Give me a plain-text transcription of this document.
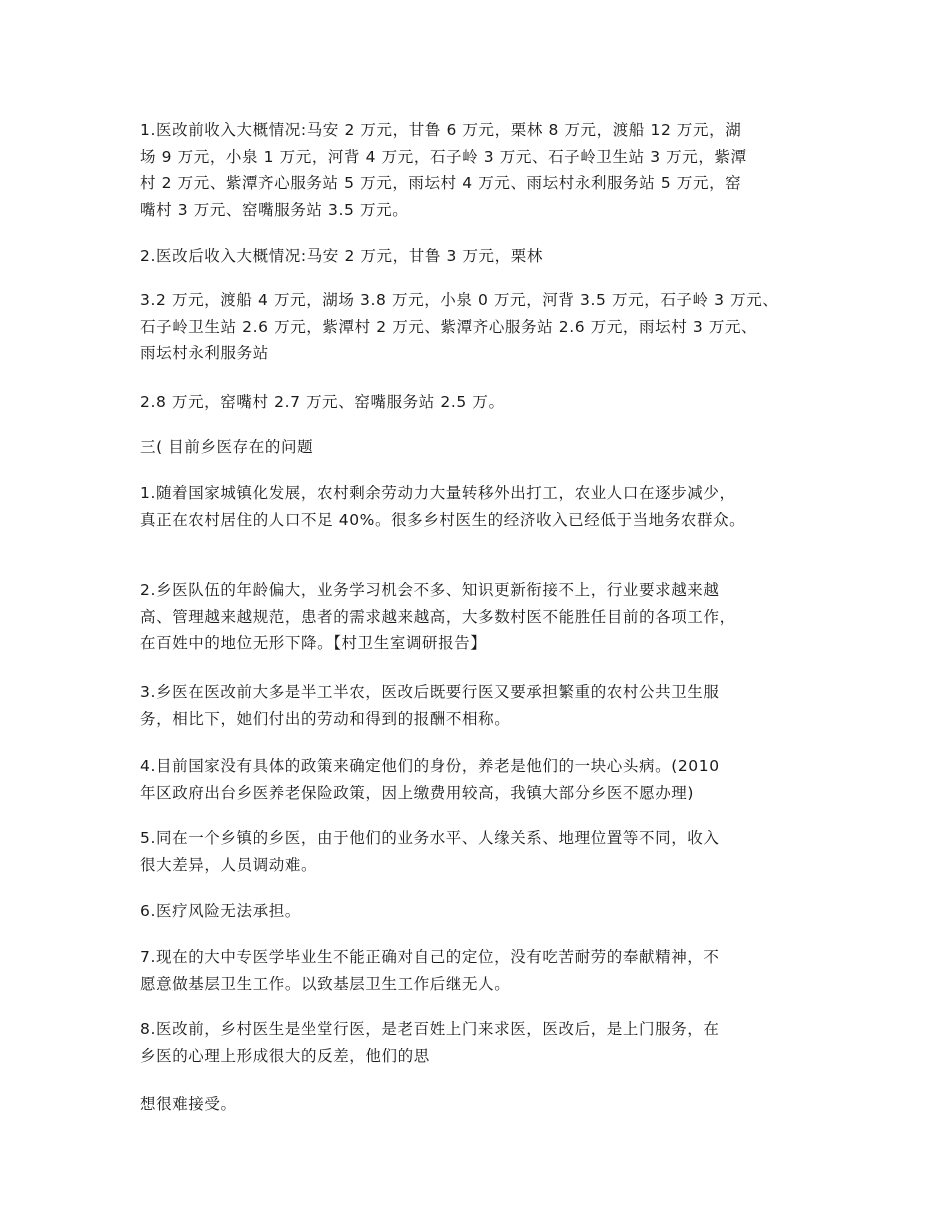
1.医改前收入大概情况:马安 2 万元，甘鲁 6 万元，栗林 8 万元，渡船 12 万元，湖
场 9 万元，小泉 1 万元，河背 4 万元，石子岭 3 万元、石子岭卫生站 3 万元，紫潭
村 2 万元、紫潭齐心服务站 5 万元，雨坛村 4 万元、雨坛村永利服务站 5 万元，窑
嘴村 3 万元、窑嘴服务站 3.5 万元。

2.医改后收入大概情况:马安 2 万元，甘鲁 3 万元，栗林

3.2 万元，渡船 4 万元，湖场 3.8 万元，小泉 0 万元，河背 3.5 万元，石子岭 3 万元、
石子岭卫生站 2.6 万元，紫潭村 2 万元、紫潭齐心服务站 2.6 万元，雨坛村 3 万元、
雨坛村永利服务站

2.8 万元，窑嘴村 2.7 万元、窑嘴服务站 2.5 万。

三( 目前乡医存在的问题

1.随着国家城镇化发展，农村剩余劳动力大量转移外出打工，农业人口在逐步减少，
真正在农村居住的人口不足 40%。很多乡村医生的经济收入已经低于当地务农群众。

2.乡医队伍的年龄偏大，业务学习机会不多、知识更新衔接不上，行业要求越来越
高、管理越来越规范，患者的需求越来越高，大多数村医不能胜任目前的各项工作，
在百姓中的地位无形下降。【村卫生室调研报告】

3.乡医在医改前大多是半工半农，医改后既要行医又要承担繁重的农村公共卫生服
务，相比下，她们付出的劳动和得到的报酬不相称。

4.目前国家没有具体的政策来确定他们的身份，养老是他们的一块心头病。(2010
年区政府出台乡医养老保险政策，因上缴费用较高，我镇大部分乡医不愿办理)

5.同在一个乡镇的乡医，由于他们的业务水平、人缘关系、地理位置等不同，收入
很大差异，人员调动难。

6.医疗风险无法承担。

7.现在的大中专医学毕业生不能正确对自己的定位，没有吃苦耐劳的奉献精神，不
愿意做基层卫生工作。以致基层卫生工作后继无人。

8.医改前，乡村医生是坐堂行医，是老百姓上门来求医，医改后，是上门服务，在
乡医的心理上形成很大的反差，他们的思

想很难接受。
